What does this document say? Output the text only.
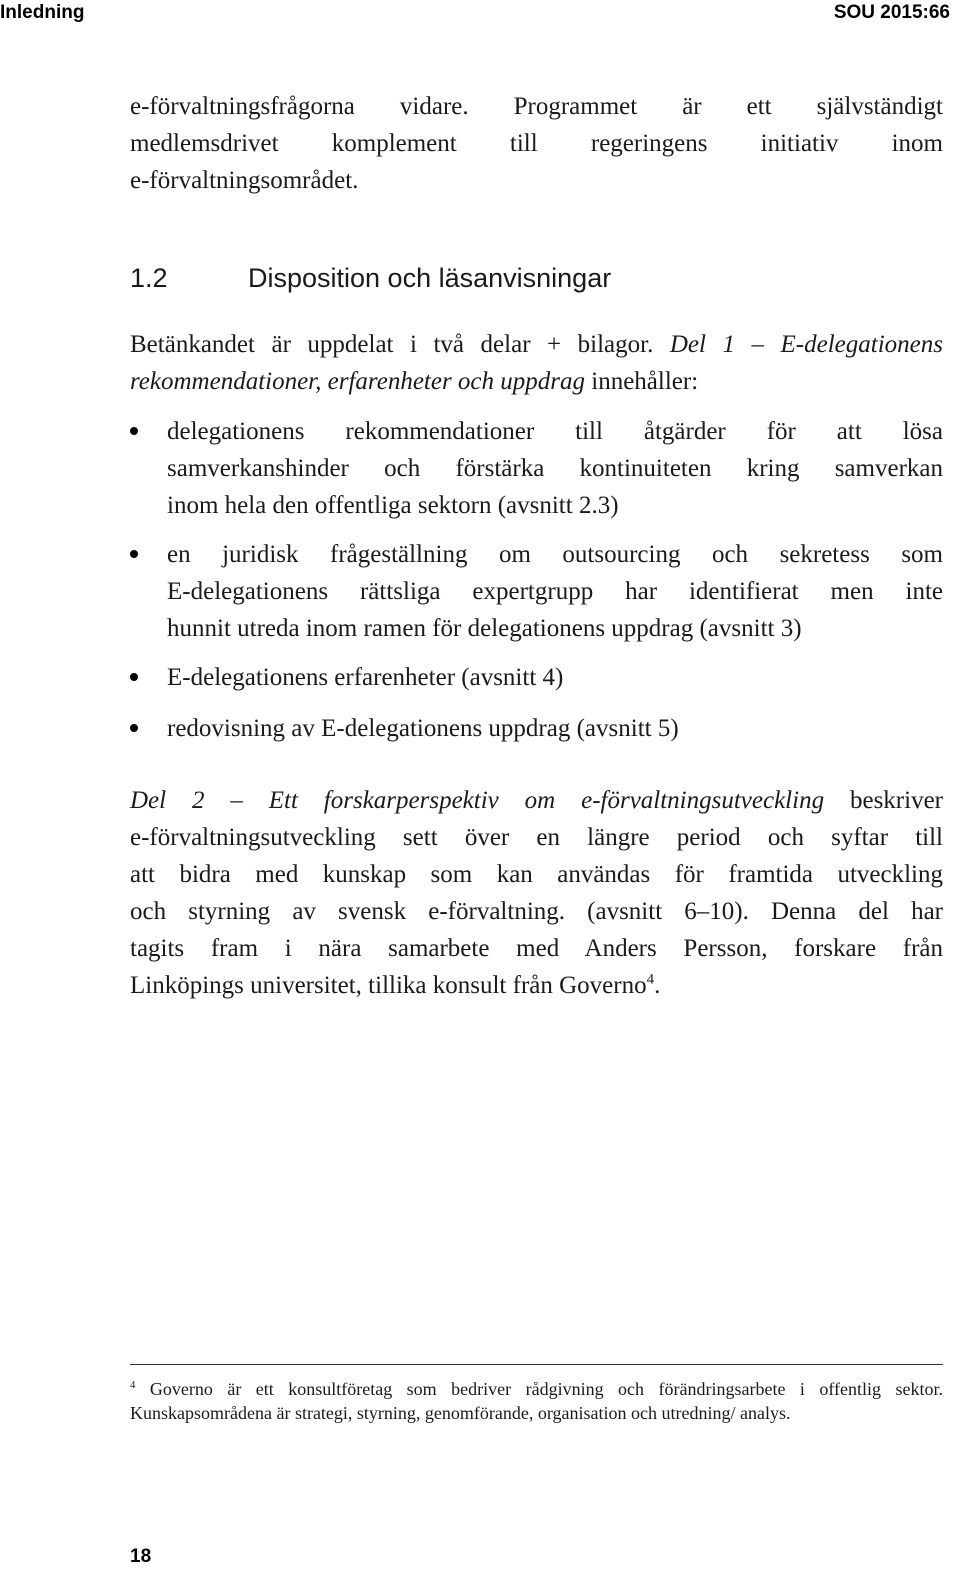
Inledning	SOU 2015:66
e-förvaltningsfrågorna vidare. Programmet är ett självständigt
medlemsdrivet komplement till regeringens initiativ inom
e-förvaltningsområdet.
1.2	Disposition och läsanvisningar
Betänkandet är uppdelat i två delar + bilagor. Del 1 – E-delegationens
rekommendationer, erfarenheter och uppdrag innehåller:
delegationens rekommendationer till åtgärder för att lösa
samverkanshinder och förstärka kontinuiteten kring samverkan
inom hela den offentliga sektorn (avsnitt 2.3)
en juridisk frågeställning om outsourcing och sekretess som
E-delegationens rättsliga expertgrupp har identifierat men inte
hunnit utreda inom ramen för delegationens uppdrag (avsnitt 3)
E-delegationens erfarenheter (avsnitt 4)
redovisning av E-delegationens uppdrag (avsnitt 5)
Del 2 – Ett forskarperspektiv om e-förvaltningsutveckling beskriver
e-förvaltningsutveckling sett över en längre period och syftar till
att bidra med kunskap som kan användas för framtida utveckling
och styrning av svensk e-förvaltning. (avsnitt 6–10). Denna del har
tagits fram i nära samarbete med Anders Persson, forskare från
Linköpings universitet, tillika konsult från Governo$^4$.
$^4$ Governo är ett konsultföretag som bedriver rådgivning och förändringsarbete i offentlig sektor. Kunskapsområdena är strategi, styrning, genomförande, organisation och utredning/ analys.
18
